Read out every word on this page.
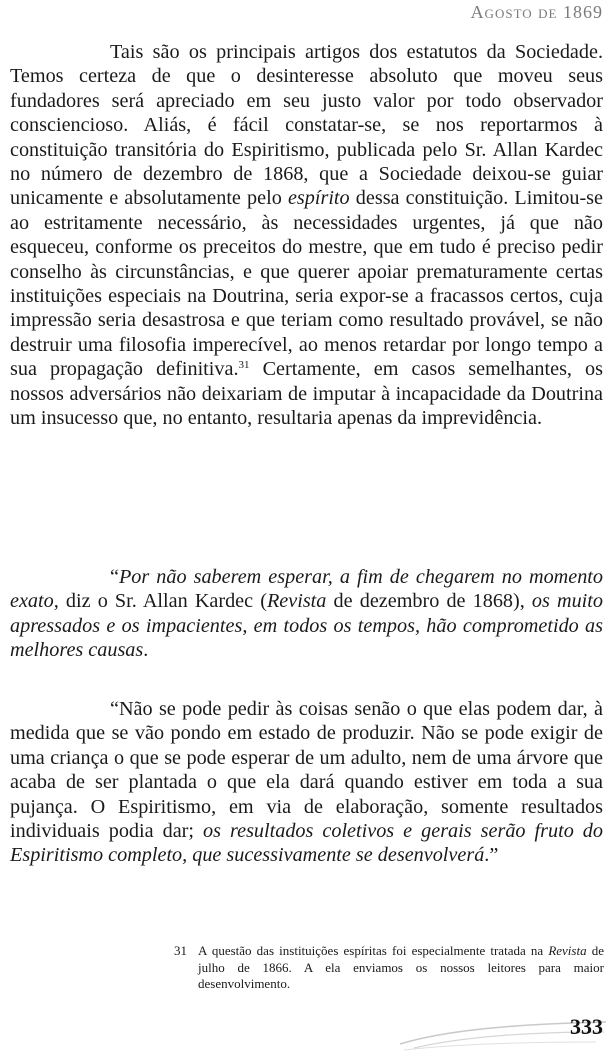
Agosto de 1869

Tais são os principais artigos dos estatutos da Sociedade. Temos certeza de que o desinteresse absoluto que moveu seus fundadores será apreciado em seu justo valor por todo observador consciencioso. Aliás, é fácil constatar-se, se nos reportarmos à constituição transitória do Espiritismo, publicada pelo Sr. Allan Kardec no número de dezembro de 1868, que a Sociedade deixou-se guiar unicamente e absolutamente pelo espírito dessa constituição. Limitou-se ao estritamente necessário, às necessidades urgentes, já que não esqueceu, conforme os preceitos do mestre, que em tudo é preciso pedir conselho às circunstâncias, e que querer apoiar prematuramente certas instituições especiais na Doutrina, seria expor-se a fracassos certos, cuja impressão seria desastrosa e que teriam como resultado provável, se não destruir uma filosofia imperecível, ao menos retardar por longo tempo a sua propagação definitiva.$^{31}$ Certamente, em casos semelhantes, os nossos adversários não deixariam de imputar à incapacidade da Doutrina um insucesso que, no entanto, resultaria apenas da imprevidência.

“Por não saberem esperar, a fim de chegarem no momento exato, diz o Sr. Allan Kardec (Revista de dezembro de 1868), os muito apressados e os impacientes, em todos os tempos, hão comprometido as melhores causas.

“Não se pode pedir às coisas senão o que elas podem dar, à medida que se vão pondo em estado de produzir. Não se pode exigir de uma criança o que se pode esperar de um adulto, nem de uma árvore que acaba de ser plantada o que ela dará quando estiver em toda a sua pujança. O Espiritismo, em via de elaboração, somente resultados individuais podia dar; os resultados coletivos e gerais serão fruto do Espiritismo completo, que sucessivamente se desenvolverá.”

31 A questão das instituições espíritas foi especialmente tratada na Revista de julho de 1866. A ela enviamos os nossos leitores para maior desenvolvimento.
333
